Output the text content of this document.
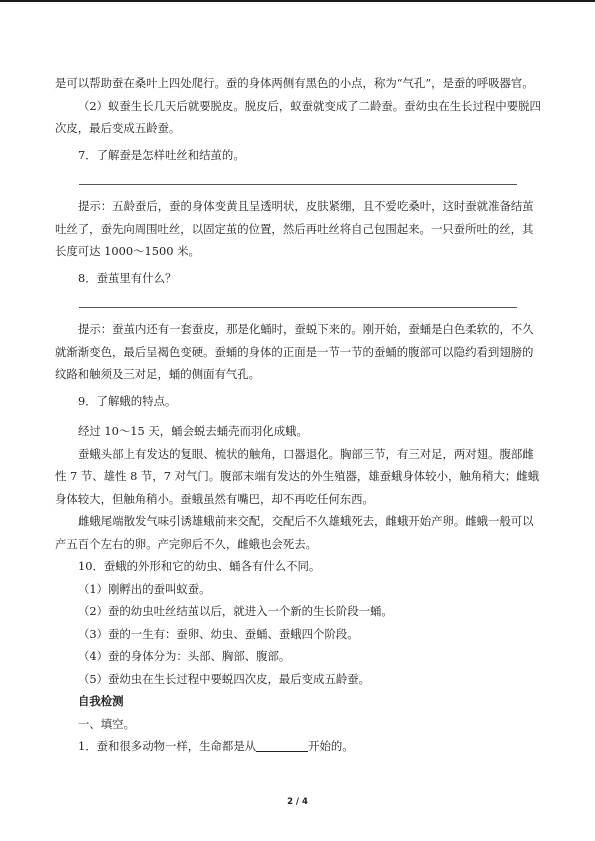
是可以帮助蚕在桑叶上四处爬行。蚕的身体两侧有黑色的小点，称为“气孔”，是蚕的呼吸器官。

（2）蚁蚕生长几天后就要脱皮。脱皮后，蚁蚕就变成了二龄蚕。蚕幼虫在生长过程中要脱四次皮，最后变成五龄蚕。

7．了解蚕是怎样吐丝和结茧的。

提示：五龄蚕后，蚕的身体变黄且呈透明状，皮肤紧绷，且不爱吃桑叶，这时蚕就准备结茧吐丝了，蚕先向周围吐丝，以固定茧的位置，然后再吐丝将自己包围起来。一只蚕所吐的丝，其长度可达 1000～1500 米。

8．蚕茧里有什么？

提示：蚕茧内还有一套蚕皮，那是化蛹时，蚕蜕下来的。刚开始，蚕蛹是白色柔软的，不久就渐渐变色，最后呈褐色变硬。蚕蛹的身体的正面是一节一节的蚕蛹的腹部可以隐约看到翅膀的纹路和触须及三对足，蛹的侧面有气孔。

9．了解蛾的特点。

经过 10～15 天，蛹会蜕去蛹壳而羽化成蛾。

蚕蛾头部上有发达的复眼、梳状的触角，口器退化。胸部三节，有三对足，两对翅。腹部雌性 7 节、雄性 8 节，7 对气门。腹部末端有发达的外生殖器，雄蚕蛾身体较小，触角稍大；雌蛾身体较大，但触角稍小。蚕蛾虽然有嘴巴，却不再吃任何东西。

雌蛾尾端散发气味引诱雄蛾前来交配，交配后不久雄蛾死去，雌蛾开始产卵。雌蛾一般可以产五百个左右的卵。产完卵后不久，雌蛾也会死去。

10．蚕蛾的外形和它的幼虫、蛹各有什么不同。

（1）刚孵出的蚕叫蚁蚕。

（2）蚕的幼虫吐丝结茧以后，就进入一个新的生长阶段一蛹。

（3）蚕的一生有：蚕卵、幼虫、蚕蛹、蚕蛾四个阶段。

（4）蚕的身体分为：头部、胸部、腹部。

（5）蚕幼虫在生长过程中要蜕四次皮，最后变成五龄蚕。

自我检测

一、填空。

1．蚕和很多动物一样，生命都是从	开始的。

2 / 4
